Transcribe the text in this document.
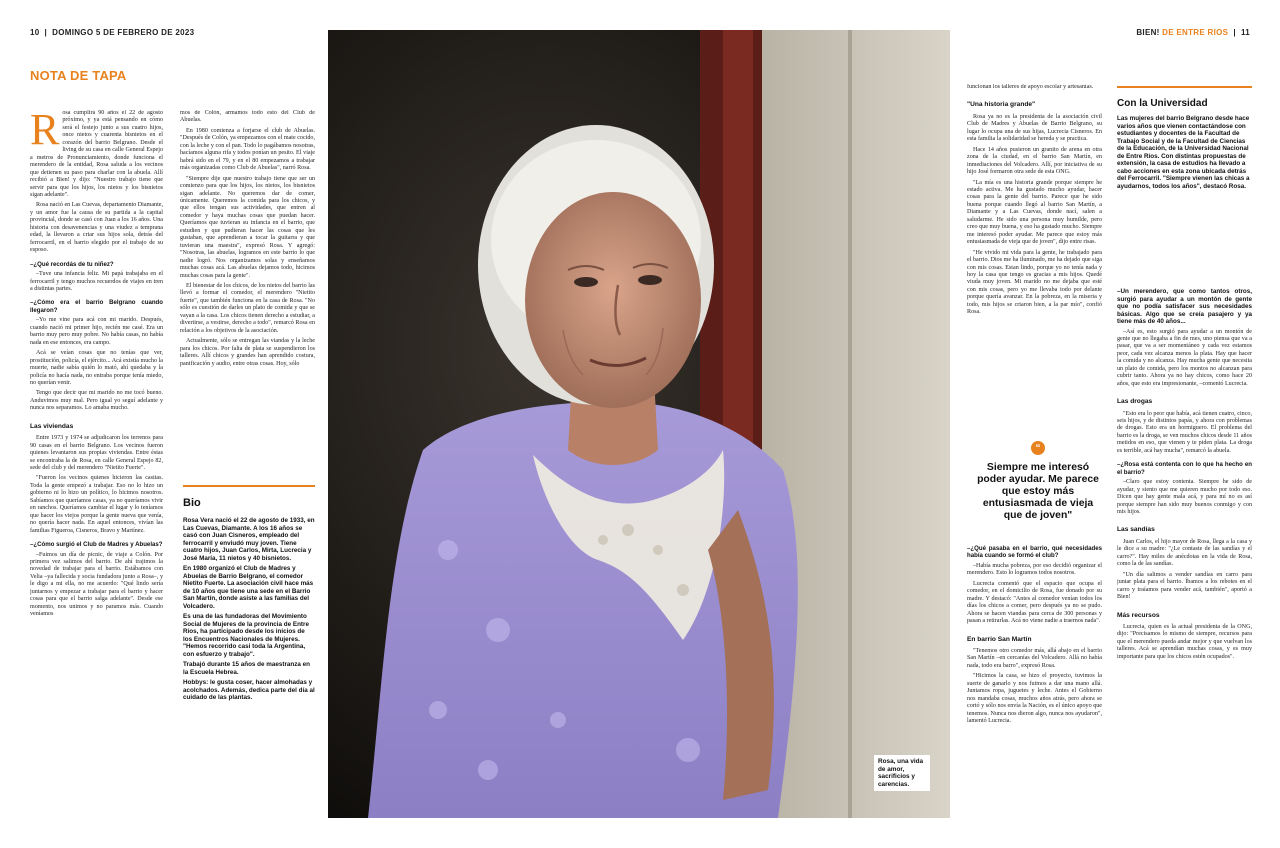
10  |  DOMINGO 5 DE FEBRERO DE 2023	BIEN! DE ENTRE RIOS  |  11
NOTA DE TAPA

Rosa cumplirá 90 años el 22 de agosto próximo, y ya está pensando en cómo será el festejo junto a sus cuatro hijos, once nietos y cuarenta bisnietos en el corazón del barrio Belgrano. Desde el living de su casa en calle General Espejo a metros de Pronunciamiento, donde funciona el merendero de la entidad, Rosa saluda a los vecinos que detienen su paso para charlar con la abuela. Allí recibió a Bien! y dijo: "Nuestro trabajo tiene que servir para que los hijos, los nietos y los bisnietos sigan adelante".

Rosa nació en Las Cuevas, departamento Diamante, y un amor fue la causa de su partida a la capital provincial, donde se casó con Juan a los 16 años. Una historia con desavenencias y una viudez a temprana edad, la llevaron a criar sus hijos sola, detrás del ferrocarril, en el barrio elegido por el trabajo de su esposo.

–¿Qué recordás de tu niñez?

–Tuve una infancia feliz. Mi papá trabajaba en el ferrocarril y tengo muchos recuerdos de viajes en tren a distintas partes.

–¿Cómo era el barrio Belgrano cuando llegaron?

–Yo me vine para acá con mi marido. Después, cuando nació mi primer hijo, recién me casé. Era un barrio muy pero muy pobre. No había casas, no había nada en ese entonces, era campo.

Acá se veían cosas que no tenías que ver, prostitución, policía, el ejército... Acá existía mucho la muerte, nadie sabía quién lo mató, ahí quedaba y la policía no hacía nada, no entraba porque tenía miedo, no querían venir.

Tengo que decir que mi marido no me tocó bueno. Anduvimos muy mal. Pero igual yo seguí adelante y nunca nos separamos. Lo amaba mucho.

Las viviendas

Entre 1973 y 1974 se adjudicaron los terrenos para 90 casas en el barrio Belgrano. Los vecinos fueron quienes levantaron sus propias viviendas. Entre éstas se encontraba la de Rosa, en calle General Espejo 82, sede del club y del merendero "Nietito Fuerte".

"Fueron los vecinos quienes hicieron las casitas. Toda la gente empezó a trabajar. Eso no lo hizo un gobierno ni lo hizo un político, lo hicimos nosotros. Sabíamos que queríamos casas, ya no queríamos vivir en ranchos. Queríamos cambiar el lugar y lo teníamos que hacer los viejos porque la gente nueva que venía, no quería hacer nada. En aquel entonces, vivían las familias Figueroa, Cisneros, Bravo y Martínez.

–¿Cómo surgió el Club de Madres y Abuelas?

–Fuimos un día de picnic, de viaje a Colón. Por primera vez salimos del barrio. De ahí trajimos la novedad de trabajar para el barrio. Estábamos con Velia –ya fallecida y socia fundadora junto a Rosa–, y le digo a mi ella, no me acuerdo: "Qué lindo sería juntarnos y empezar a trabajar para el barrio y hacer cosas para que el barrio salga adelante". Desde ese momento, nos unimos y no paramos más. Cuando veníamos

mos de Colón, armamos todo esto del Club de Abuelas.

En 1980 comienza a forjarse el club de Abuelas. "Después de Colón, ya empezamos con el mate cocido, con la leche y con el pan. Todo lo pagábamos nosotras, hacíamos alguna rifa y todos ponían un pesito. El viaje habrá sido en el 79, y en el 80 empezamos a trabajar más organizadas como Club de Abuelas", narró Rosa.

"Siempre dije que nuestro trabajo tiene que ser un comienzo para que los hijos, los nietos, los bisnietos sigan adelante. No queremos dar de comer, únicamente. Queremos la comida para los chicos, y que ellos tengan sus actividades, que entren al comedor y haya muchas cosas que puedan hacer. Queríamos que tuvieran su infancia en el barrio, que estudien y que pudieran hacer las cosas que les gustaban, que aprendieran a tocar la guitarra y que tuvieran una maestra", expresó Rosa. Y agregó: "Nosotras, las abuelas, logramos en este barrio lo que nadie logró. Nos organizamos solas y enseñamos muchas cosas acá. Las abuelas dejamos todo, hicimos muchas cosas para la gente".

El bienestar de los chicos, de los nietos del barrio las llevó a formar el comedor, el merendero "Nietito fuerte", que también funciona en la casa de Rosa. "No sólo es cuestión de darles un plato de comida y que se vayan a la casa. Los chicos tienen derecho a estudiar, a divertirse, a vestirse, derecho a todo", remarcó Rosa en relación a los objetivos de la asociación.

Actualmente, sólo se entregan las viandas y la leche para los chicos. Por falta de plata se suspendieron los talleres. Allí chicos y grandes han aprendido costura, panificación y audio, entre otras cosas. Hoy, sólo

Bio

Rosa Vera nació el 22 de agosto de 1933, en Las Cuevas, Diamante. A los 16 años se casó con Juan Cisneros, empleado del ferrocarril y enviudó muy joven. Tiene cuatro hijos, Juan Carlos, Mirta, Lucrecia y José María, 11 nietos y 40 bisnietos.

En 1980 organizó el Club de Madres y Abuelas de Barrio Belgrano, el comedor Nietito Fuerte. La asociación civil hace más de 10 años que tiene una sede en el Barrio San Martín, donde asiste a las familias del Volcadero.

Es una de las fundadoras del Movimiento Social de Mujeres de la provincia de Entre Ríos, ha participado desde los inicios de los Encuentros Nacionales de Mujeres. "Hemos recorrido casi toda la Argentina, con esfuerzo y trabajo".

Trabajó durante 15 años de maestranza en la Escuela Hebrea.

Hobbys: le gusta coser, hacer almohadas y acolchados. Además, dedica parte del día al cuidado de las plantas.

Rosa, una vida de amor, sacrificios y carencias.

funcionan los talleres de apoyo escolar y artesanías.

"Una historia grande"

Rosa ya no es la presidenta de la asociación civil Club de Madres y Abuelas de Barrio Belgrano, su lugar lo ocupa una de sus hijas, Lucrecia Cisneros. En esta familia la solidaridad se hereda y se practica.

Hace 14 años pusieron un granito de arena en otra zona de la ciudad, en el barrio San Martín, en inmediaciones del Volcadero. Allí, por iniciativa de su hijo José formaron otra sede de esta ONG.

"La mía es una historia grande porque siempre he estado activa. Me ha gustado mucho ayudar, hacer cosas para la gente del barrio. Parece que he sido buena porque cuando llegó al barrio San Martín, a Diamante y a Las Cuevas, donde nací, salen a saludarme. He sido una persona muy humilde, pero creo que muy buena, y eso ha gustado mucho. Siempre me interesó poder ayudar. Me parece que estoy más entusiasmada de vieja que de joven", dijo entre risas.

"He vivido mi vida para la gente, he trabajado para el barrio. Dios me ha iluminado, me ha dejado que siga con mis cosas. Estan lindo, porque yo no tenía nada y hoy la casa que tengo es gracias a mis hijos. Quedé viuda muy joven. Mi marido no me dejaba que esté con mis cosas, pero yo me llevaba todo por delante porque quería avanzar. En la pobreza, en la miseria y todo, mis hijos se criaron bien, a la par mío", confió Rosa.

“

Siempre me interesó poder ayudar. Me parece que estoy más entusiasmada de vieja que de joven"

–¿Qué pasaba en el barrio, qué necesidades había cuando se formó el club?

–Había mucha pobreza, por eso decidió organizar el merendero. Esto lo logramos todos nosotros.

Lucrecia comentó que el espacio que ocupa el comedor, en el domicilio de Rosa, fue donado por su madre. Y destacó: "Antes al comedor venían todos los días los chicos a comer, pero después ya no se pudo. Ahora se hacen viandas para cerca de 300 personas y pasan a retirarlas. Acá no viene nadie a traernos nada".

En barrio San Martín

"Tenemos otro comedor más, allá abajo en el barrio San Martín –en cercanías del Volcadero. Allá no había nada, todo era barro", expresó Rosa.

"Hicimos la casa, se hizo el proyecto, tuvimos la suerte de ganarlo y nos fuimos a dar una mano allá. Juntamos ropa, juguetes y leche. Antes el Gobierno nos mandaba cosas, muchos años atrás, pero ahora se cortó y sólo nos envía la Nación, es el único apoyo que tenemos. Nunca nos dieron algo, nunca nos ayudaron", lamentó Lucrecia.

Con la Universidad

Las mujeres del barrio Belgrano desde hace varios años que vienen contactándose con estudiantes y docentes de la Facultad de Trabajo Social y de la Facultad de Ciencias de la Educación, de la Universidad Nacional de Entre Ríos. Con distintas propuestas de extensión, la casa de estudios ha llevado a cabo acciones en esta zona ubicada detrás del Ferrocarril. "Siempre vienen las chicas a ayudarnos, todos los años", destacó Rosa.

–Un merendero, que como tantos otros, surgió para ayudar a un montón de gente que no podía satisfacer sus necesidades básicas. Algo que se creía pasajero y ya tiene más de 40 años...

–Así es, esto surgió para ayudar a un montón de gente que no llegaba a fin de mes, uno piensa que va a pasar, que va a ser momentáneo y cada vez estamos peor, cada vez alcanza menos la plata. Hay que hacer la comida y no alcanza. Hay mucha gente que necesita un plato de comida, pero los montos no alcanzan para cubrir tanto. Ahora ya no hay chicos, como hace 20 años, que esto era impresionante, –comentó Lucrecia.

Las drogas

"Esto era lo peor que había, acá tienen cuatro, cinco, seis hijos, y de distintos papás, y ahora con problemas de drogas. Esto era un hormiguero. El problema del barrio es la droga, se ven muchos chicos desde 11 años metidos en eso, que vienen y te piden plata. La droga es terrible, acá hay mucha", remarcó la abuela.

–¿Rosa está contenta con lo que ha hecho en el barrio?

–Claro que estoy contenta. Siempre he sido de ayudar, y siento que me quieren mucho por todo eso. Dicen que hay gente mala acá, y para mí no es así porque siempre han sido muy buenos conmigo y con mis hijos.

Las sandías

Juan Carlos, el hijo mayor de Rosa, llega a la casa y le dice a su madre: "¿Le contaste de las sandías y el carro?". Hay miles de anécdotas en la vida de Rosa, como la de las sandías.

"Un día salimos a vender sandías en carro para juntar plata para el barrio. Íbamos a los rebotes en el carro y traíamos para vender acá, también", aportó a Bien!

Más recursos

Lucrecia, quien es la actual presidenta de la ONG, dijo: "Precisamos lo mismo de siempre, recursos para que el merendero pueda andar mejor y que vuelvan los talleres. Acá se aprendían muchas cosas, y es muy importante para que los chicos estén ocupados".
